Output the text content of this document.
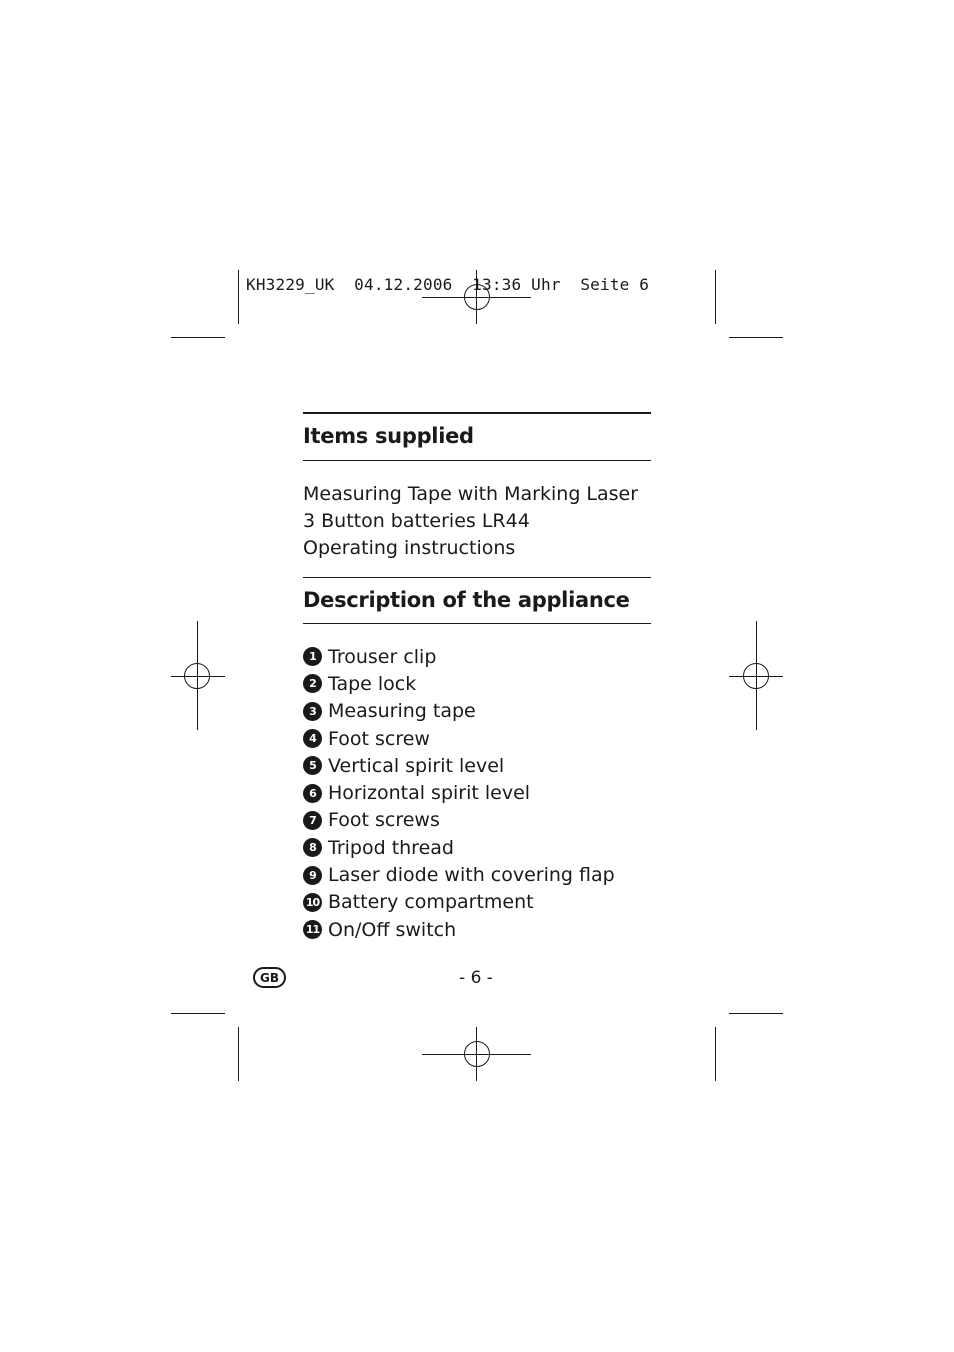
KH3229_UK  04.12.2006  13:36 Uhr  Seite 6
Items supplied
Measuring Tape with Marking Laser
3 Button batteries LR44
Operating instructions
Description of the appliance
1 Trouser clip
2 Tape lock
3 Measuring tape
4 Foot screw
5 Vertical spirit level
6 Horizontal spirit level
7 Foot screws
8 Tripod thread
9 Laser diode with covering flap
10 Battery compartment
11 On/Off switch
GB	- 6 -
